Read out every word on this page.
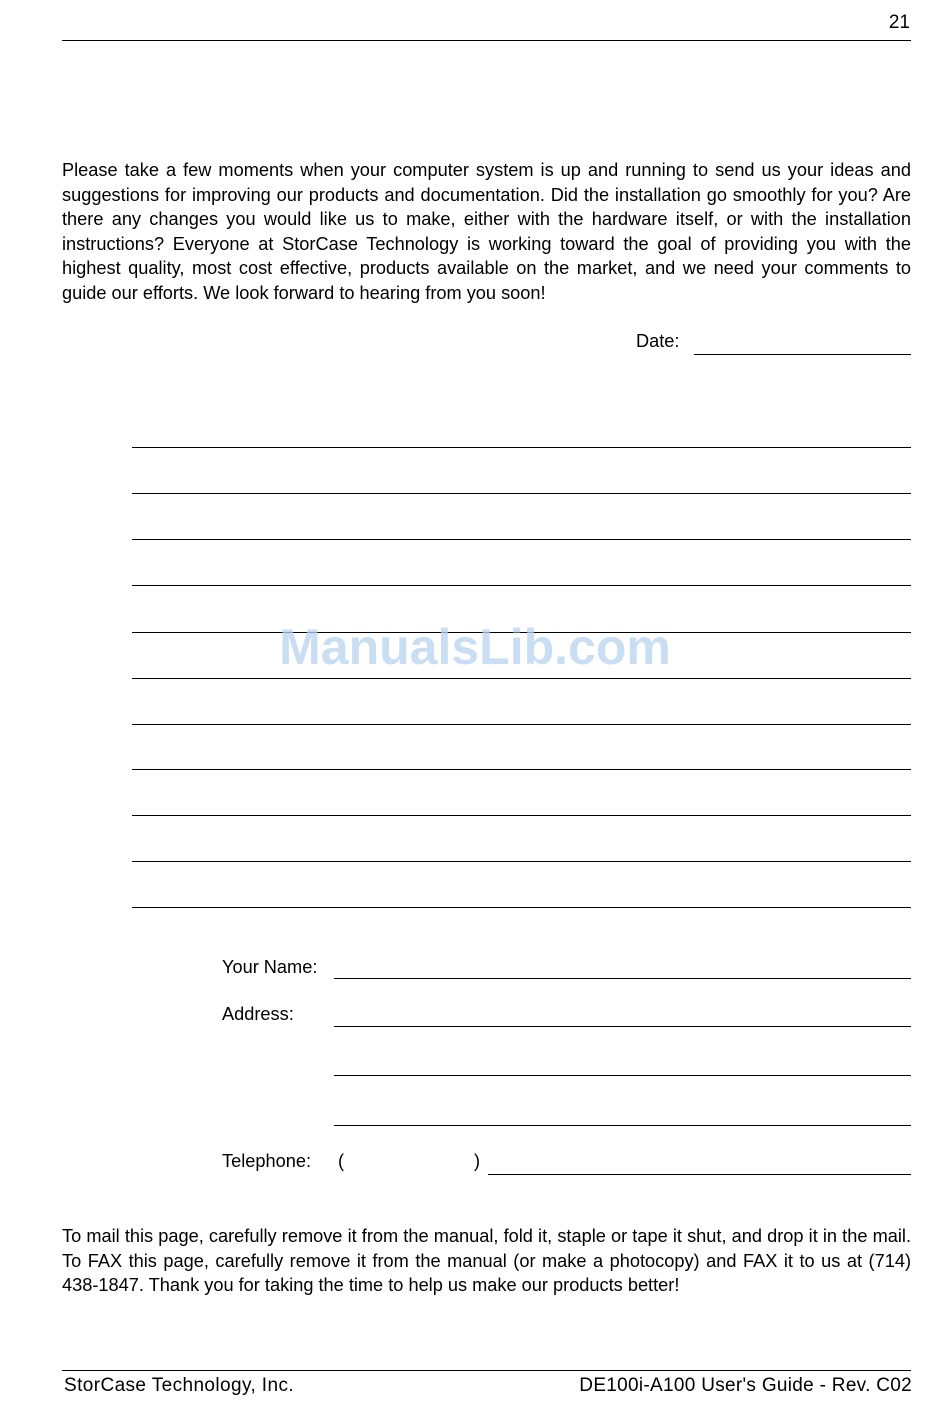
21

Please take a few moments when your computer system is up and running to send us your ideas and suggestions for improving our products and documentation. Did the installation go smoothly for you? Are there any changes you would like us to make, either with the hardware itself, or with the installation instructions? Everyone at StorCase Technology is working toward the goal of providing you with the highest quality, most cost effective, products available on the market, and we need your comments to guide our efforts. We look forward to hearing from you soon!

Date:
ManualsLib.com
Your Name:
Address:
Telephone: (	)

To mail this page, carefully remove it from the manual, fold it, staple or tape it shut, and drop it in the mail. To FAX this page, carefully remove it from the manual (or make a photocopy) and FAX it to us at (714) 438-1847. Thank you for taking the time to help us make our products better!

StorCase Technology, Inc.	DE100i-A100 User's Guide - Rev. C02
